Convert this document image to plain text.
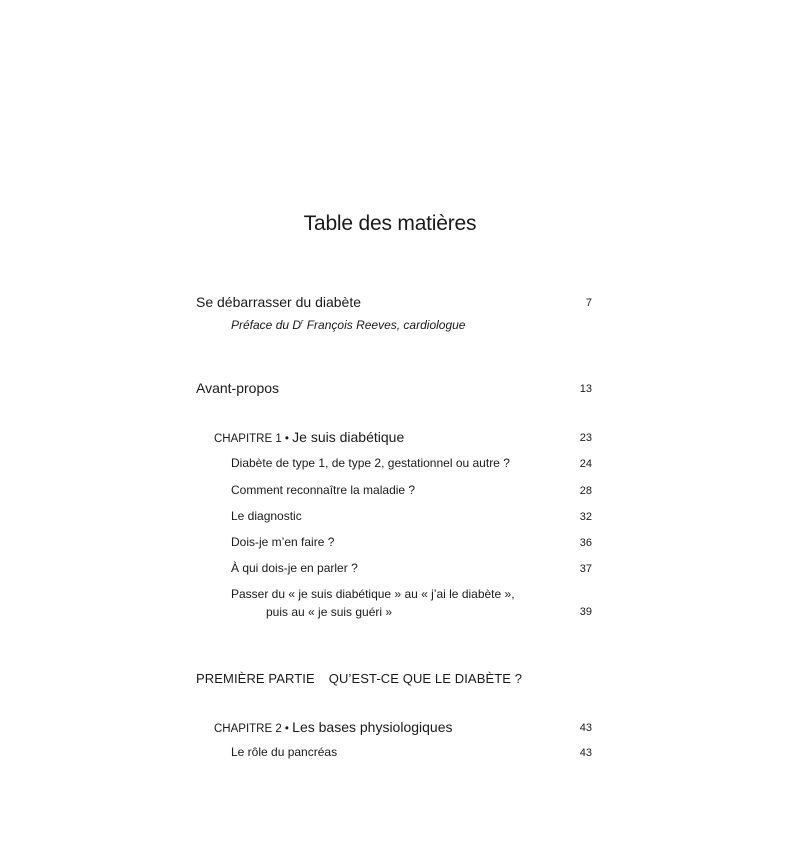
Table des matières
Se débarrasser du diabète	7
Préface du $D^r$ François Reeves, cardiologue
Avant-propos	13
CHAPITRE 1 • Je suis diabétique	23
Diabète de type 1, de type 2, gestationnel ou autre ?	24
Comment reconnaître la maladie ?	28
Le diagnostic	32
Dois-je m’en faire ?	36
À qui dois-je en parler ?	37
Passer du « je suis diabétique » au « j’ai le diabète »,
puis au « je suis guéri »	39
PREMIÈRE PARTIE QU’EST-CE QUE LE DIABÈTE ?
CHAPITRE 2 • Les bases physiologiques	43
Le rôle du pancréas	43
